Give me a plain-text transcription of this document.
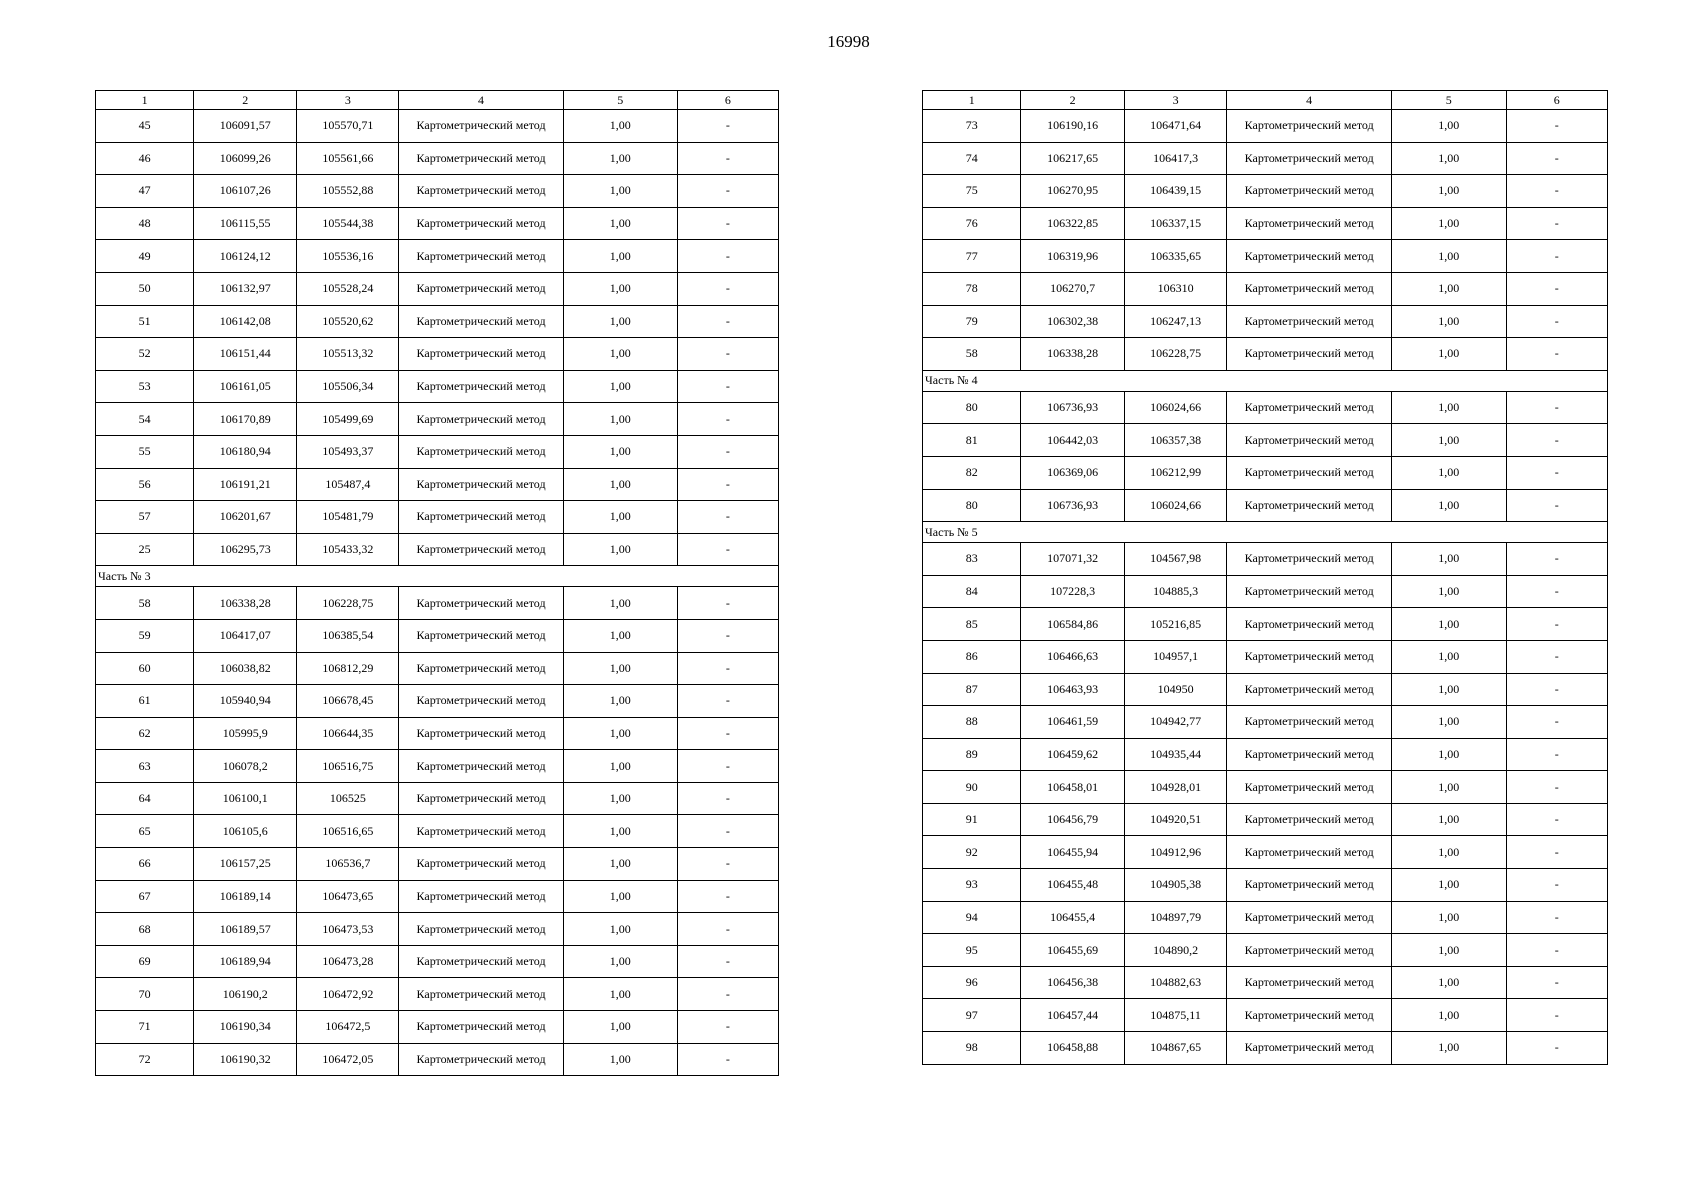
16998
1	2	3	4	5	6
45	106091,57	105570,71	Картометрический метод	1,00	-
46	106099,26	105561,66	Картометрический метод	1,00	-
47	106107,26	105552,88	Картометрический метод	1,00	-
48	106115,55	105544,38	Картометрический метод	1,00	-
49	106124,12	105536,16	Картометрический метод	1,00	-
50	106132,97	105528,24	Картометрический метод	1,00	-
51	106142,08	105520,62	Картометрический метод	1,00	-
52	106151,44	105513,32	Картометрический метод	1,00	-
53	106161,05	105506,34	Картометрический метод	1,00	-
54	106170,89	105499,69	Картометрический метод	1,00	-
55	106180,94	105493,37	Картометрический метод	1,00	-
56	106191,21	105487,4	Картометрический метод	1,00	-
57	106201,67	105481,79	Картометрический метод	1,00	-
25	106295,73	105433,32	Картометрический метод	1,00	-
Часть № 3					
58	106338,28	106228,75	Картометрический метод	1,00	-
59	106417,07	106385,54	Картометрический метод	1,00	-
60	106038,82	106812,29	Картометрический метод	1,00	-
61	105940,94	106678,45	Картометрический метод	1,00	-
62	105995,9	106644,35	Картометрический метод	1,00	-
63	106078,2	106516,75	Картометрический метод	1,00	-
64	106100,1	106525	Картометрический метод	1,00	-
65	106105,6	106516,65	Картометрический метод	1,00	-
66	106157,25	106536,7	Картометрический метод	1,00	-
67	106189,14	106473,65	Картометрический метод	1,00	-
68	106189,57	106473,53	Картометрический метод	1,00	-
69	106189,94	106473,28	Картометрический метод	1,00	-
70	106190,2	106472,92	Картометрический метод	1,00	-
71	106190,34	106472,5	Картометрический метод	1,00	-
72	106190,32	106472,05	Картометрический метод	1,00	-
1	2	3	4	5	6
73	106190,16	106471,64	Картометрический метод	1,00	-
74	106217,65	106417,3	Картометрический метод	1,00	-
75	106270,95	106439,15	Картометрический метод	1,00	-
76	106322,85	106337,15	Картометрический метод	1,00	-
77	106319,96	106335,65	Картометрический метод	1,00	-
78	106270,7	106310	Картометрический метод	1,00	-
79	106302,38	106247,13	Картометрический метод	1,00	-
58	106338,28	106228,75	Картометрический метод	1,00	-
Часть № 4					
80	106736,93	106024,66	Картометрический метод	1,00	-
81	106442,03	106357,38	Картометрический метод	1,00	-
82	106369,06	106212,99	Картометрический метод	1,00	-
80	106736,93	106024,66	Картометрический метод	1,00	-
Часть № 5					
83	107071,32	104567,98	Картометрический метод	1,00	-
84	107228,3	104885,3	Картометрический метод	1,00	-
85	106584,86	105216,85	Картометрический метод	1,00	-
86	106466,63	104957,1	Картометрический метод	1,00	-
87	106463,93	104950	Картометрический метод	1,00	-
88	106461,59	104942,77	Картометрический метод	1,00	-
89	106459,62	104935,44	Картометрический метод	1,00	-
90	106458,01	104928,01	Картометрический метод	1,00	-
91	106456,79	104920,51	Картометрический метод	1,00	-
92	106455,94	104912,96	Картометрический метод	1,00	-
93	106455,48	104905,38	Картометрический метод	1,00	-
94	106455,4	104897,79	Картометрический метод	1,00	-
95	106455,69	104890,2	Картометрический метод	1,00	-
96	106456,38	104882,63	Картометрический метод	1,00	-
97	106457,44	104875,11	Картометрический метод	1,00	-
98	106458,88	104867,65	Картометрический метод	1,00	-
